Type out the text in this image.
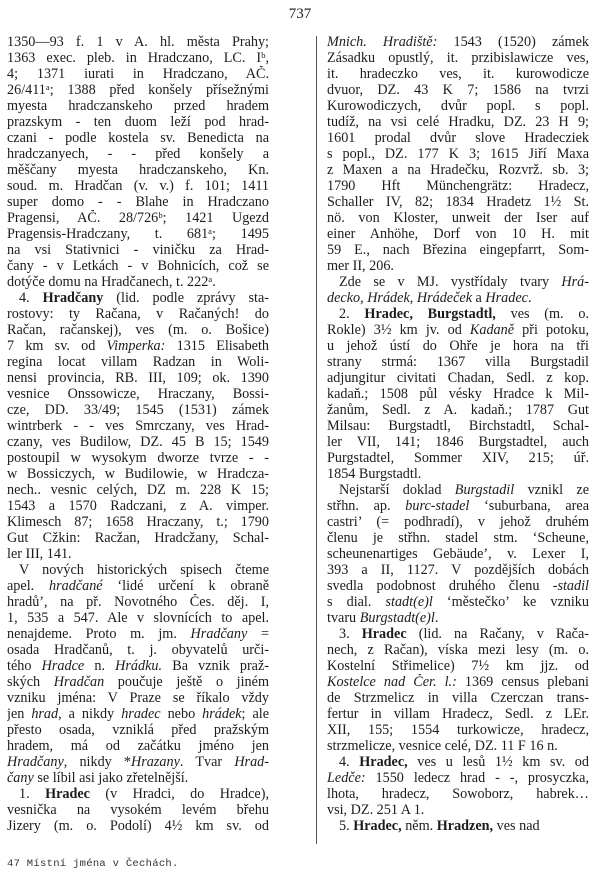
737
1350—93 f. 1 v A. hl. města Prahy;
1363 exec. pleb. in Hradczano, LC. Iᵇ,
4; 1371 iurati in Hradczano, AČ.
26/411ᵃ; 1388 před konšely přísežnými
myesta hradczanskeho przed hradem
prazskym - ten duom leží pod hrad-
czani - podle kostela sv. Benedicta na
hradczanyech, - - před konšely a
měščany myesta hradczanskeho, Kn.
soud. m. Hradčan (v. v.) f. 101; 1411
super domo - - Blahe in Hradczano
Pragensi, AČ. 28/726ᵇ; 1421 Ugezd
Pragensis-Hradczany, t. 681ᵃ; 1495
na vsi Stativnici - viničku za Hrad-
čany - v Letkách - v Bohnicích, což se
dotýče domu na Hradčanech, t. 222ᵃ.
4. Hradčany (lid. podle zprávy sta-
rostovy: ty Račana, v Račaných! do
Račan, račanskej), ves (m. o. Bošice)
7 km sv. od Vimperka: 1315 Elisabeth
regina locat villam Radzan in Woli-
nensi provincia, RB. III, 109; ok. 1390
vesnice Onssowicze, Hraczany, Bossi-
cze, DD. 33/49; 1545 (1531) zámek
wintrberk - - ves Smrczany, ves Hrad-
czany, ves Budilow, DZ. 45 B 15; 1549
postoupil w wysokym dworze tvrze - -
w Bossiczych, w Budilowie, w Hradcza-
nech.. vesnic celých, DZ m. 228 K 15;
1543 a 1570 Radczani, z A. vimper.
Klimesch 87; 1658 Hraczany, t.; 1790
Gut Cžkin: Racžan, Hradcžany, Schal-
ler III, 141.
V nových historických spisech čteme
apel. hradčané ‘lidé určení k obraně
hradů’, na př. Novotného Čes. děj. I,
1, 535 a 547. Ale v slovnících to apel.
nenajdeme. Proto m. jm. Hradčany =
osada Hradčanů, t. j. obyvatelů urči-
tého Hradce n. Hrádku. Ba vznik praž-
ských Hradčan poučuje ještě o jiném
vzniku jména: V Praze se říkalo vždy
jen hrad, a nikdy hradec nebo hrádek; ale
přesto osada, vzniklá před pražským
hradem, má od začátku jméno jen
Hradčany, nikdy *Hrazany. Tvar Hrad-
čany se líbil asi jako zřetelnější.
1. Hradec (v Hradci, do Hradce),
vesnička na vysokém levém břehu
Jizery (m. o. Podolí) 4½ km sv. od
Mnich. Hradiště: 1543 (1520) zámek
Zásadku opustlý, it. przibislawicze ves,
it. hradeczko ves, it. kurowodicze
dvuor, DZ. 43 K 7; 1586 na tvrzi
Kurowodiczych, dvůr popl. s popl.
tudíž, na vsi celé Hradku, DZ. 23 H 9;
1601 prodal dvůr slove Hradecziek
s popl., DZ. 177 K 3; 1615 Jiří Maxa
z Maxen a na Hradečku, Rozvrž. sb. 3;
1790 Hft Münchengrätz: Hradecz,
Schaller IV, 82; 1834 Hradetz 1½ St.
nö. von Kloster, unweit der Iser auf
einer Anhöhe, Dorf von 10 H. mit
59 E., nach Březina eingepfarrt, Som-
mer II, 206.
Zde se v MJ. vystřídaly tvary Hrá-
decko, Hrádek, Hrádeček a Hradec.
2. Hradec, Burgstadtl, ves (m. o.
Rokle) 3½ km jv. od Kadaně při potoku,
u jehož ústí do Ohře je hora na tři
strany strmá: 1367 villa Burgstadil
adjungitur civitati Chadan, Sedl. z kop.
kadaň.; 1508 půl vésky Hradce k Mil-
žanům, Sedl. z A. kadaň.; 1787 Gut
Milsau: Burgstadtl, Birchstadtl, Schal-
ler VII, 141; 1846 Burgstadtel, auch
Purgstadtel, Sommer XIV, 215; úř.
1854 Burgstadtl.
Nejstarší doklad Burgstadil vznikl ze
střhn. ap. burc-stadel ‘suburbana, area
castri’ (= podhradí), v jehož druhém
členu je střhn. stadel stm. ‘Scheune,
scheunenartiges Gebäude’, v. Lexer I,
393 a II, 1127. V pozdějších dobách
svedla podobnost druhého členu -stadil
s dial. stadt(e)l ‘městečko’ ke vzniku
tvaru Burgstadt(e)l.
3. Hradec (lid. na Račany, v Rača-
nech, z Račan), víska mezi lesy (m. o.
Kostelní Střimelice) 7½ km jjz. od
Kostelce nad Čer. l.: 1369 census plebani
de Strzmelicz in villa Czerczan trans-
fertur in villam Hradecz, Sedl. z LEr.
XII, 155; 1554 turkowicze, hradecz,
strzmelicze, vesnice celé, DZ. 11 F 16 n.
4. Hradec, ves u lesů 1½ km sv. od
Ledče: 1550 ledecz hrad - -, prosyczka,
lhota, hradecz, Sowoborz, habrek…
vsi, DZ. 251 A 1.
5. Hradec, něm. Hradzen, ves nad
47 Místní jména v Čechách.
